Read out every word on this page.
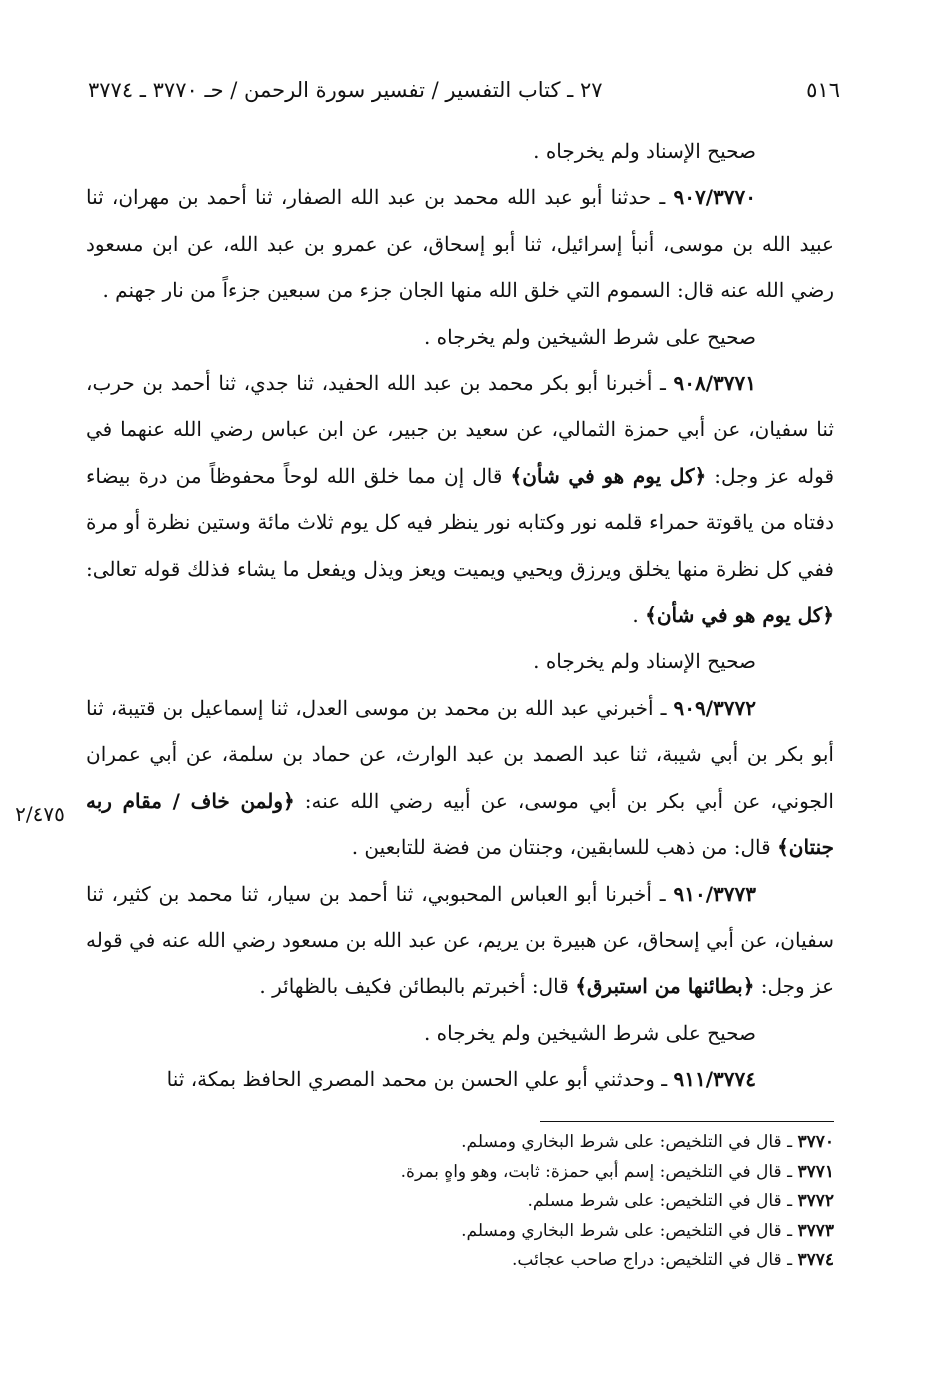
٥١٦
٢٧ ـ كتاب التفسير / تفسير سورة الرحمن / حـ ٣٧٧٠ ـ ٣٧٧٤

صحيح الإسناد ولم يخرجاه .

٩٠٧/٣٧٧٠ ـ حدثنا أبو عبد الله محمد بن عبد الله الصفار، ثنا أحمد بن مهران، ثنا عبيد الله بن موسى، أنبأ إسرائيل، ثنا أبو إسحاق، عن عمرو بن عبد الله، عن ابن مسعود رضي الله عنه قال: السموم التي خلق الله منها الجان جزء من سبعين جزءاً من نار جهنم .

صحيح على شرط الشيخين ولم يخرجاه .

٩٠٨/٣٧٧١ ـ أخبرنا أبو بكر محمد بن عبد الله الحفيد، ثنا جدي، ثنا أحمد بن حرب، ثنا سفيان، عن أبي حمزة الثمالي، عن سعيد بن جبير، عن ابن عباس رضي الله عنهما في قوله عز وجل: ﴿كل يوم هو في شأن﴾ قال إن مما خلق الله لوحاً محفوظاً من درة بيضاء دفتاه من ياقوتة حمراء قلمه نور وكتابه نور ينظر فيه كل يوم ثلاث مائة وستين نظرة أو مرة ففي كل نظرة منها يخلق ويرزق ويحيي ويميت ويعز ويذل ويفعل ما يشاء فذلك قوله تعالى: ﴿كل يوم هو في شأن﴾ .

صحيح الإسناد ولم يخرجاه .

٩٠٩/٣٧٧٢ ـ أخبرني عبد الله بن محمد بن موسى العدل، ثنا إسماعيل بن قتيبة، ثنا أبو بكر بن أبي شيبة، ثنا عبد الصمد بن عبد الوارث، عن حماد بن سلمة، عن أبي عمران الجوني، عن أبي بكر بن أبي موسى، عن أبيه رضي الله عنه: ﴿ولمن خاف / مقام ربه جنتان﴾ قال: من ذهب للسابقين، وجنتان من فضة للتابعين .

٩١٠/٣٧٧٣ ـ أخبرنا أبو العباس المحبوبي، ثنا أحمد بن سيار، ثنا محمد بن كثير، ثنا سفيان، عن أبي إسحاق، عن هبيرة بن يريم، عن عبد الله بن مسعود رضي الله عنه في قوله عز وجل: ﴿بطائنها من استبرق﴾ قال: أخبرتم بالبطائن فكيف بالظهائر .

صحيح على شرط الشيخين ولم يخرجاه .

٩١١/٣٧٧٤ ـ وحدثني أبو علي الحسن بن محمد المصري الحافظ بمكة، ثنا

٢/٤٧٥
٣٧٧٠ ـ قال في التلخيص: على شرط البخاري ومسلم.
٣٧٧١ ـ قال في التلخيص: إسم أبي حمزة: ثابت، وهو واهٍ بمرة.
٣٧٧٢ ـ قال في التلخيص: على شرط مسلم.
٣٧٧٣ ـ قال في التلخيص: على شرط البخاري ومسلم.
٣٧٧٤ ـ قال في التلخيص: دراج صاحب عجائب.
